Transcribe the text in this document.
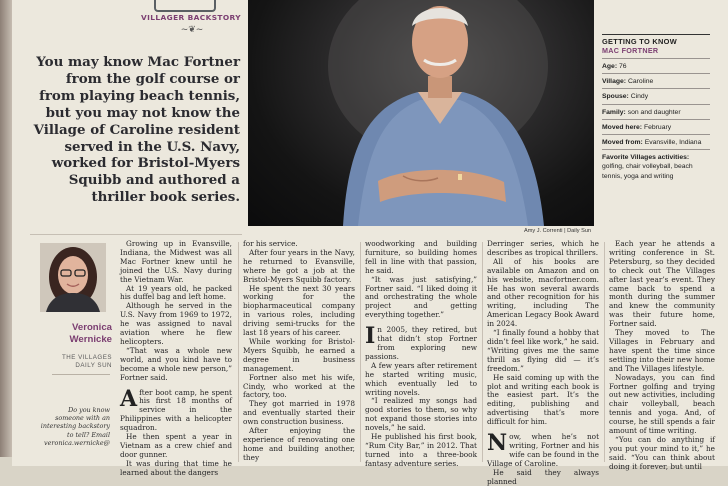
VILLAGER BACKSTORY
~❦~
You may know Mac Fortner from the golf course or from playing beach tennis, but you may not know the Village of Caroline resident served in the U.S. Navy, worked for Bristol-Myers Squibb and authored a thriller book series.
Amy J. Correnti | Daily Sun
GETTING TO KNOW
MAC FORTNER
Age: 76
Village: Caroline
Spouse: Cindy
Family: son and daughter
Moved here: February
Moved from: Evansville, Indiana
Favorite Villages activities:
golfing, chair volleyball, beach tennis, yoga and writing
Veronica
Wernicke
THE VILLAGES
DAILY SUN
Do you know someone with an interesting backstory to tell? Email veronica.wernicke@

Growing up in Evansville, Indiana, the Midwest was all Mac Fortner knew until he joined the U.S. Navy during the Vietnam War.

At 19 years old, he packed his duffel bag and left home.

Although he served in the U.S. Navy from 1969 to 1972, he was assigned to naval aviation where he flew helicopters.

“That was a whole new world, and you kind have to become a whole new person,” Fortner said.

After boot camp, he spent his first 18 months of service in the Philippines with a helicopter squadron.

He then spent a year in Vietnam as a crew chief and door gunner.

It was during that time he learned about the dangers

for his service.

After four years in the Navy, he returned to Evansville, where he got a job at the Bristol-Myers Squibb factory.

He spent the next 30 years working for the biopharmaceutical company in various roles, including driving semi-trucks for the last 18 years of his career.

While working for Bristol-Myers Squibb, he earned a degree in business management.

Fortner also met his wife, Cindy, who worked at the factory, too.

They got married in 1978 and eventually started their own construction business.

After enjoying the experience of renovating one home and building another, they

woodworking and building furniture, so building homes fell in line with that passion, he said.

“It was just satisfying,” Fortner said. “I liked doing it and orchestrating the whole project and getting everything together.”

In 2005, they retired, but that didn’t stop Fortner from exploring new passions.

A few years after retirement he started writing music, which eventually led to writing novels.

“I realized my songs had good stories to them, so why not expand those stories into novels,” he said.

He published his first book, “Rum City Bar,” in 2012. That turned into a three-book fantasy adventure series.

Derringer series, which he describes as tropical thrillers.

All of his books are available on Amazon and on his website, macfortner.com. He has won several awards and other recognition for his writing, including The American Legacy Book Award in 2024.

“I finally found a hobby that didn’t feel like work,” he said. “Writing gives me the same thrill as flying did — it’s freedom.”

He said coming up with the plot and writing each book is the easiest part. It’s the editing, publishing and advertising that’s more difficult for him.

Now, when he’s not writing, Fortner and his wife can be found in the Village of Caroline.

He said they always planned

Each year he attends a writing conference in St. Petersburg, so they decided to check out The Villages after last year’s event. They came back to spend a month during the summer and knew the community was their future home, Fortner said.

They moved to The Villages in February and have spent the time since settling into their new home and The Villages lifestyle.

Nowadays, you can find Fortner golfing and trying out new activities, including chair volleyball, beach tennis and yoga. And, of course, he still spends a fair amount of time writing.

“You can do anything if you put your mind to it,” he said. “You can think about doing it forever, but until
